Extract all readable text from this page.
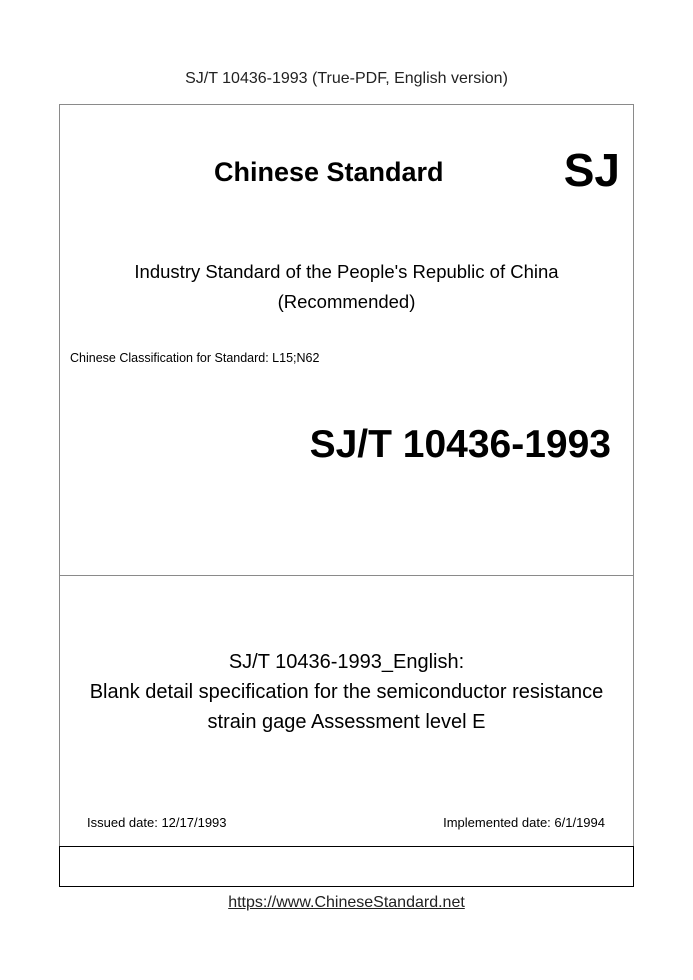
SJ/T 10436-1993 (True-PDF, English version)
Chinese Standard	SJ
Industry Standard of the People's Republic of China
(Recommended)
Chinese Classification for Standard: L15;N62
SJ/T 10436-1993
SJ/T 10436-1993_English:
Blank detail specification for the semiconductor resistance
strain gage Assessment level E
Issued date: 12/17/1993	Implemented date: 6/1/1994
https://www.ChineseStandard.net
